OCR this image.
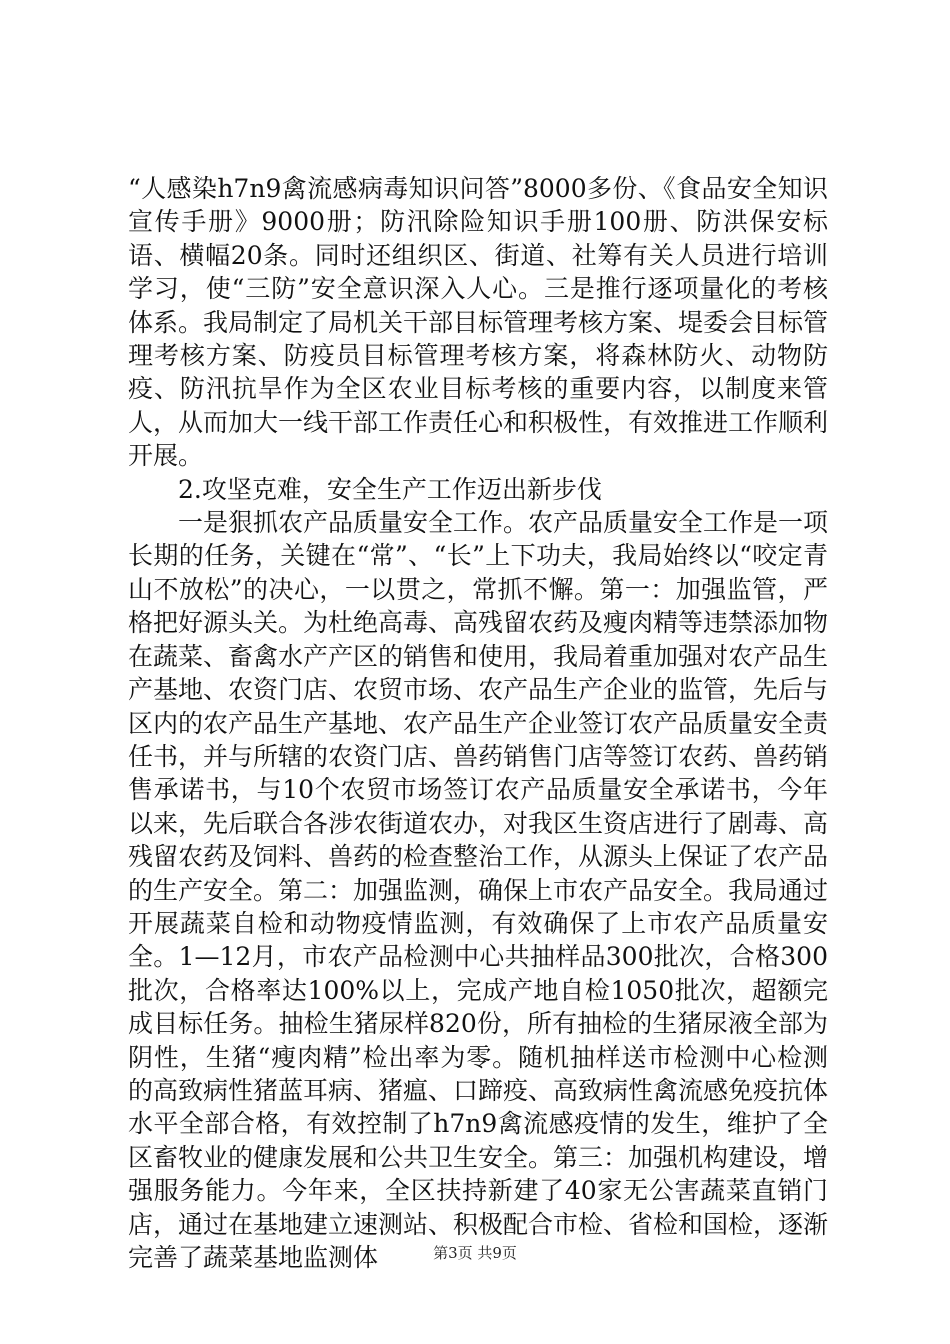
“人感染h7n9禽流感病毒知识问答”8000多份、《食品安全知识宣传手册》9000册；防汛除险知识手册100册、防洪保安标语、横幅20条。同时还组织区、街道、社筹有关人员进行培训学习，使“三防”安全意识深入人心。三是推行逐项量化的考核体系。我局制定了局机关干部目标管理考核方案、堤委会目标管理考核方案、防疫员目标管理考核方案，将森林防火、动物防疫、防汛抗旱作为全区农业目标考核的重要内容，以制度来管人，从而加大一线干部工作责任心和积极性，有效推进工作顺利开展。

2.攻坚克难，安全生产工作迈出新步伐

一是狠抓农产品质量安全工作。农产品质量安全工作是一项长期的任务，关键在“常”、“长”上下功夫，我局始终以“咬定青山不放松”的决心，一以贯之，常抓不懈。第一：加强监管，严格把好源头关。为杜绝高毒、高残留农药及瘦肉精等违禁添加物在蔬菜、畜禽水产产区的销售和使用，我局着重加强对农产品生产基地、农资门店、农贸市场、农产品生产企业的监管，先后与区内的农产品生产基地、农产品生产企业签订农产品质量安全责任书，并与所辖的农资门店、兽药销售门店等签订农药、兽药销售承诺书，与10个农贸市场签订农产品质量安全承诺书，今年以来，先后联合各涉农街道农办，对我区生资店进行了剧毒、高残留农药及饲料、兽药的检查整治工作，从源头上保证了农产品的生产安全。第二：加强监测，确保上市农产品安全。我局通过开展蔬菜自检和动物疫情监测，有效确保了上市农产品质量安全。1—12月，市农产品检测中心共抽样品300批次，合格300批次，合格率达100%以上，完成产地自检1050批次，超额完成目标任务。抽检生猪尿样820份，所有抽检的生猪尿液全部为阴性，生猪“瘦肉精”检出率为零。随机抽样送市检测中心检测的高致病性猪蓝耳病、猪瘟、口蹄疫、高致病性禽流感免疫抗体水平全部合格，有效控制了h7n9禽流感疫情的发生，维护了全区畜牧业的健康发展和公共卫生安全。第三：加强机构建设，增强服务能力。今年来，全区扶持新建了40家无公害蔬菜直销门店，通过在基地建立速测站、积极配合市检、省检和国检，逐渐完善了蔬菜基地监测体	第3页 共9页
